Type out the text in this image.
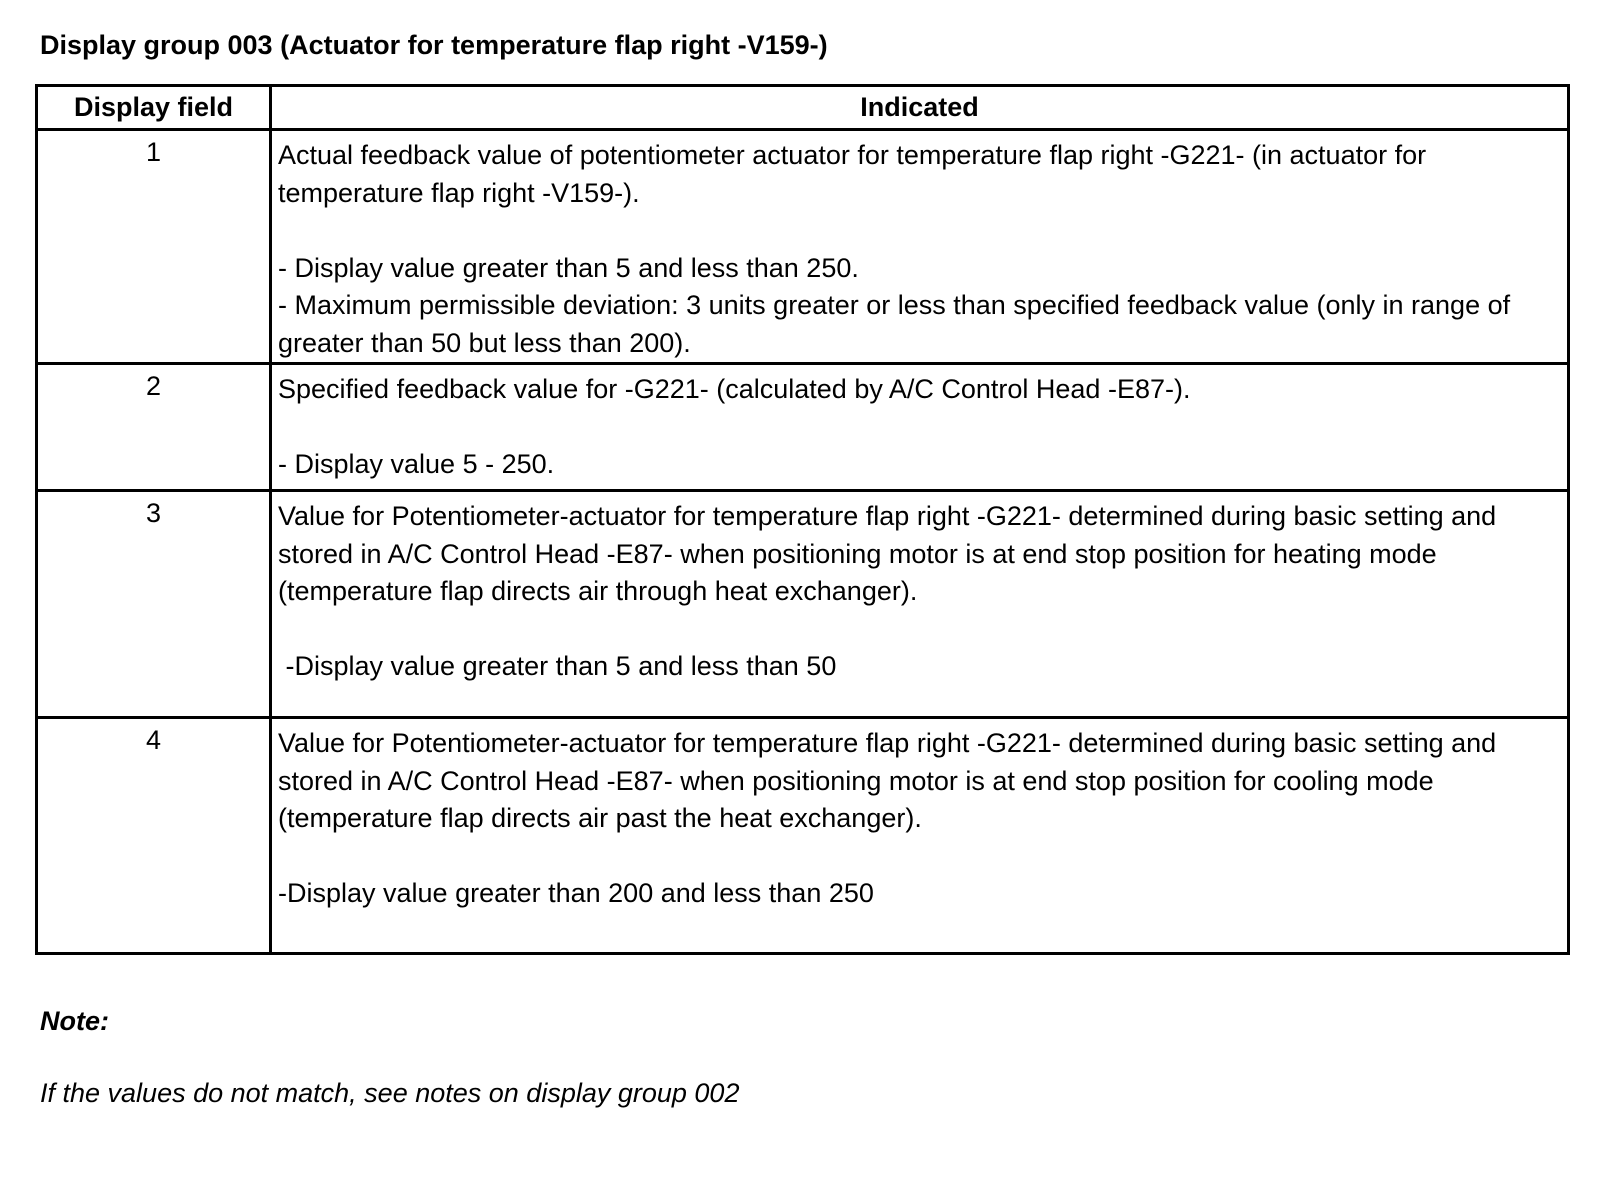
Display group 003 (Actuator for temperature flap right -V159-)
Display field	Indicated
1	Actual feedback value of potentiometer actuator for temperature flap right -G221- (in actuator for temperature flap right -V159-).
- Display value greater than 5 and less than 250.
- Maximum permissible deviation: 3 units greater or less than specified feedback value (only in range of greater than 50 but less than 200).

2	Specified feedback value for -G221- (calculated by A/C Control Head -E87-).
- Display value 5 - 250.

3	Value for Potentiometer-actuator for temperature flap right -G221- determined during basic setting and stored in A/C Control Head -E87- when positioning motor is at end stop position for heating mode (temperature flap directs air through heat exchanger).
-Display value greater than 5 and less than 50

4	Value for Potentiometer-actuator for temperature flap right -G221- determined during basic setting and stored in A/C Control Head -E87- when positioning motor is at end stop position for cooling mode (temperature flap directs air past the heat exchanger).
-Display value greater than 200 and less than 250
Note:
If the values do not match, see notes on display group 002
